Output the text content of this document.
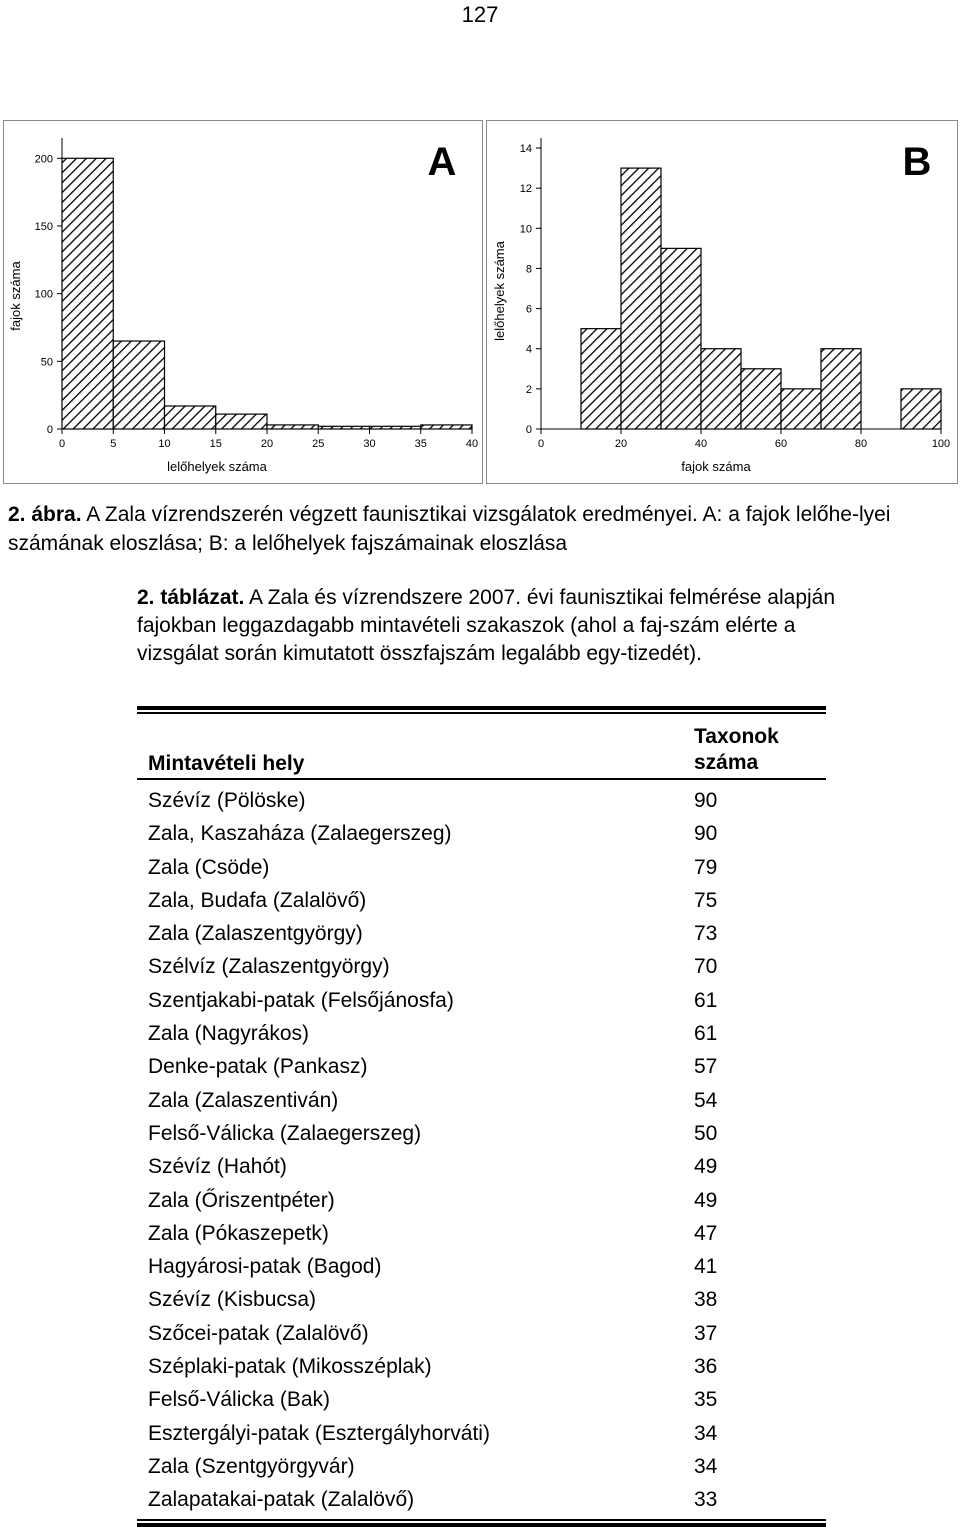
127
0	5	10	15	20	25	30	35	40
0
50
100
150
200
lelőhelyek száma
fajok száma
A
0	20	40	60	80	100
0
2
4
6
8
10
12
14
fajok száma
lelőhelyek száma
B
2. ábra. A Zala vízrendszerén végzett faunisztikai vizsgálatok eredményei. A: a fajok lelőhe-lyei számának eloszlása; B: a lelőhelyek fajszámainak eloszlása
2. táblázat. A Zala és vízrendszere 2007. évi faunisztikai felmérése alapján fajokban leggazdagabb mintavételi szakaszok (ahol a faj-szám elérte a vizsgálat során kimutatott összfajszám legalább egy-tizedét).
Mintavételi hely
Taxonok
száma
Szévíz (Pölöske)	90
Zala, Kaszaháza (Zalaegerszeg)	90
Zala (Csöde)	79
Zala, Budafa (Zalalövő)	75
Zala (Zalaszentgyörgy)	73
Szélvíz (Zalaszentgyörgy)	70
Szentjakabi-patak (Felsőjánosfa)	61
Zala (Nagyrákos)	61
Denke-patak (Pankasz)	57
Zala (Zalaszentiván)	54
Felső-Válicka (Zalaegerszeg)	50
Szévíz (Hahót)	49
Zala (Őriszentpéter)	49
Zala (Pókaszepetk)	47
Hagyárosi-patak (Bagod)	41
Szévíz (Kisbucsa)	38
Szőcei-patak (Zalalövő)	37
Széplaki-patak (Mikosszéplak)	36
Felső-Válicka (Bak)	35
Esztergályi-patak (Esztergályhorváti)	34
Zala (Szentgyörgyvár)	34
Zalapatakai-patak (Zalalövő)	33
